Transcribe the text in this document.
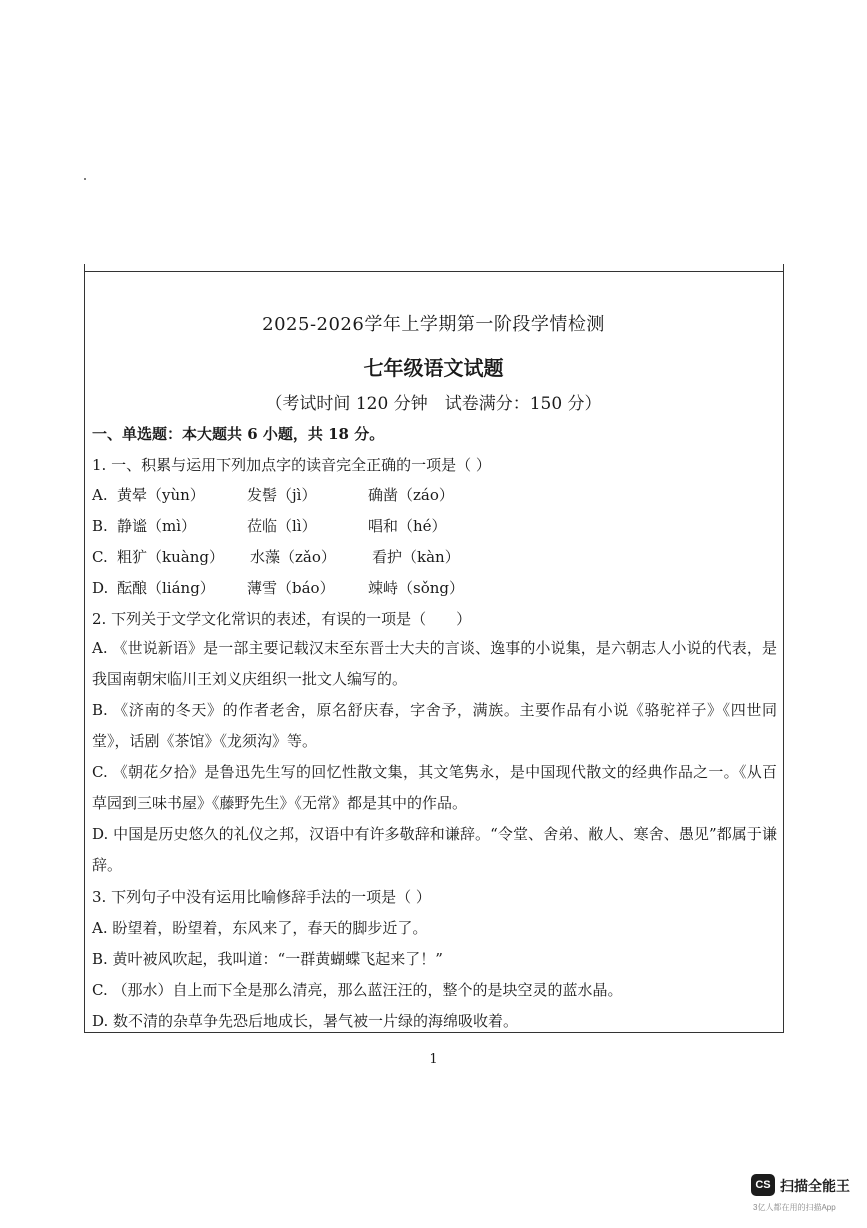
2025-2026学年上学期第一阶段学情检测
七年级语文试题
（考试时间 120 分钟　试卷满分：150 分）
一、单选题：本大题共 6 小题，共 18 分。
1. 一、积累与运用下列加点字的读音完全正确的一项是（ ）
A. 黄晕（yùn）	发髻（jì）	确凿（záo）
B. 静谧（mì）	莅临（lì）	唱和（hé）
C. 粗犷（kuàng） 水藻（zǎo） 看护（kàn）
D. 酝酿（liáng） 薄雪（báo） 竦峙（sǒng）
2. 下列关于文学文化常识的表述，有误的一项是（　　）
A. 《世说新语》是一部主要记载汉末至东晋士大夫的言谈、逸事的小说集，是六朝志人小说的代表，是我国南朝宋临川王刘义庆组织一批文人编写的。
B. 《济南的冬天》的作者老舍，原名舒庆春，字舍予，满族。主要作品有小说《骆驼祥子》《四世同堂》，话剧《茶馆》《龙须沟》等。
C. 《朝花夕拾》是鲁迅先生写的回忆性散文集，其文笔隽永，是中国现代散文的经典作品之一。《从百草园到三味书屋》《藤野先生》《无常》都是其中的作品。
D. 中国是历史悠久的礼仪之邦，汉语中有许多敬辞和谦辞。“令堂、舍弟、敝人、寒舍、愚见”都属于谦辞。
3. 下列句子中没有运用比喻修辞手法的一项是（ ）
A. 盼望着，盼望着，东风来了，春天的脚步近了。
B. 黄叶被风吹起，我叫道：“一群黄蝴蝶飞起来了！”
C. （那水）自上而下全是那么清亮，那么蓝汪汪的，整个的是块空灵的蓝水晶。
D. 数不清的杂草争先恐后地成长，暑气被一片绿的海绵吸收着。
1
CS 扫描全能王
3亿人都在用的扫描App
